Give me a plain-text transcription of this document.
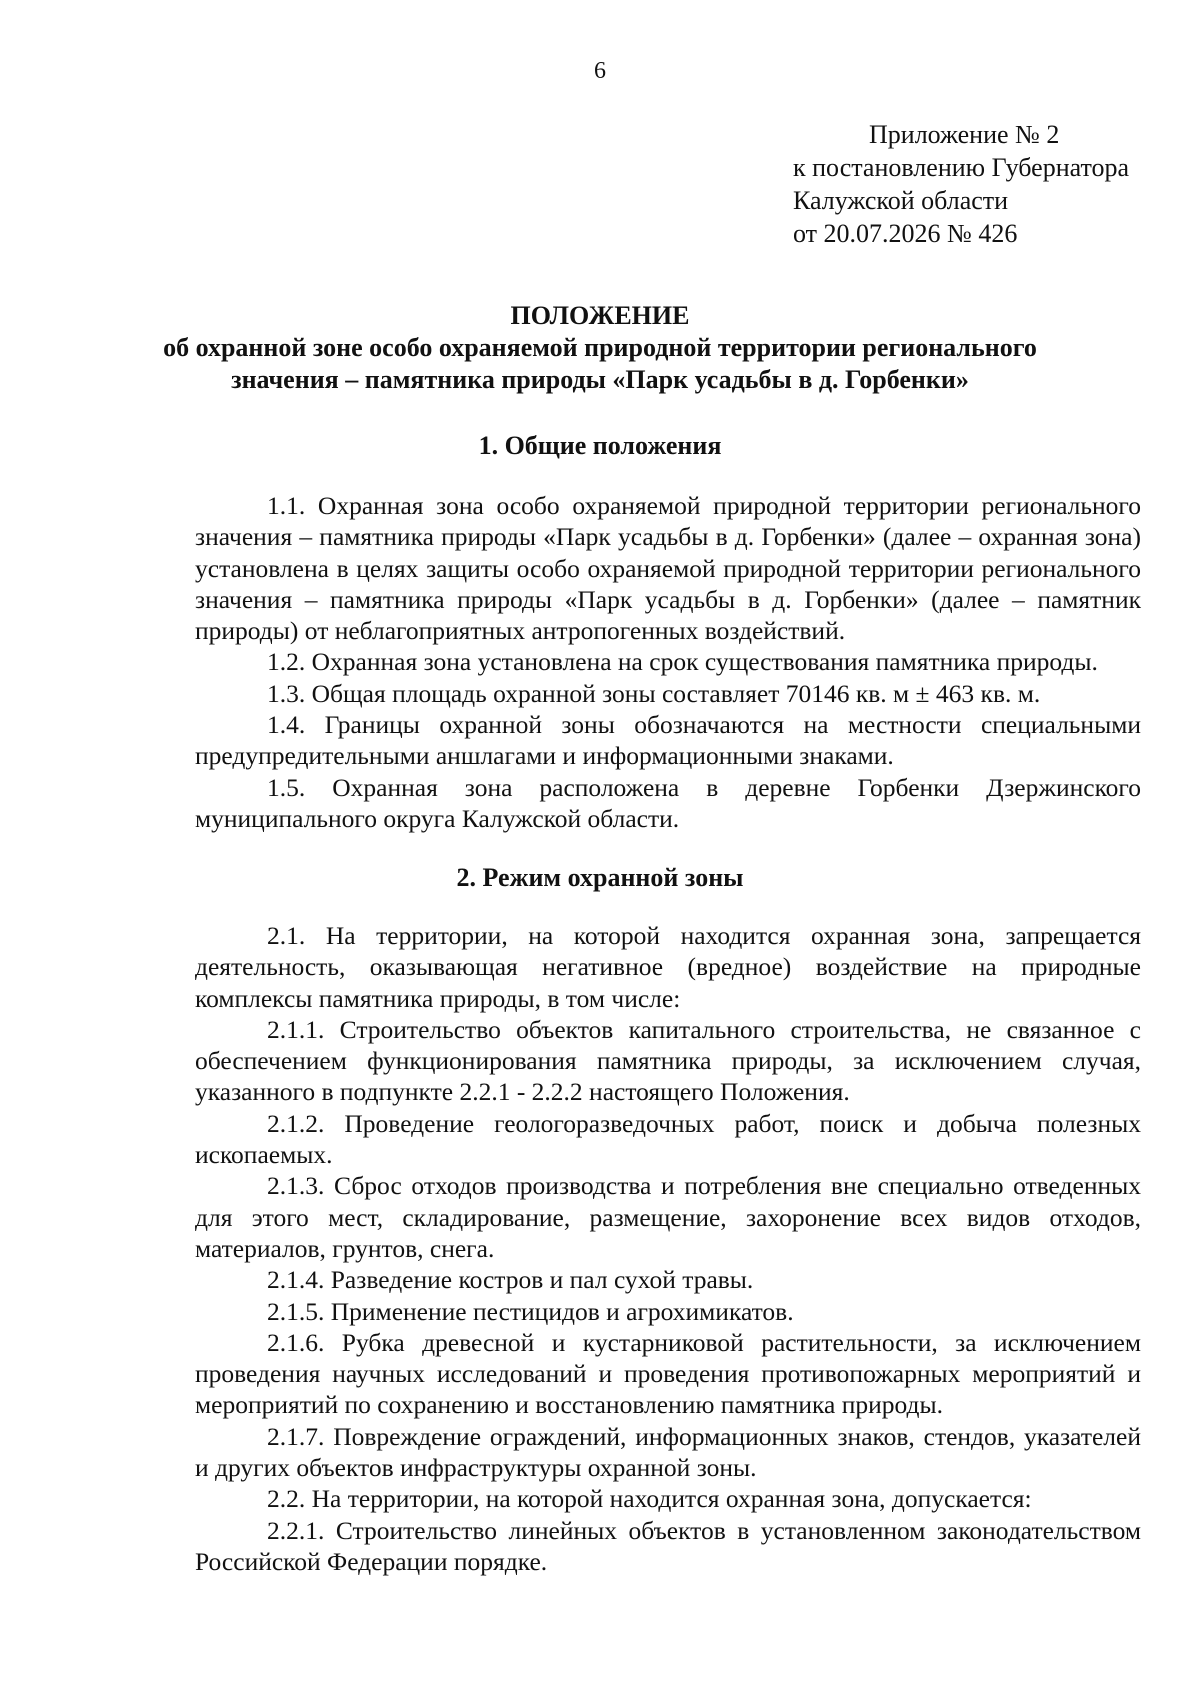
6
Приложение № 2
к постановлению Губернатора
Калужской области
от 20.07.2026 № 426
ПОЛОЖЕНИЕ
об охранной зоне особо охраняемой природной территории регионального
значения – памятника природы «Парк усадьбы в д. Горбенки»
1. Общие положения

1.1. Охранная зона особо охраняемой природной территории регионального значения – памятника природы «Парк усадьбы в д. Горбенки» (далее – охранная зона) установлена в целях защиты особо охраняемой природной территории регионального значения – памятника природы «Парк усадьбы в д. Горбенки» (далее – памятник природы) от неблагоприятных антропогенных воздействий.

1.2. Охранная зона установлена на срок существования памятника природы.

1.3. Общая площадь охранной зоны составляет 70146 кв. м ± 463 кв. м.

1.4. Границы охранной зоны обозначаются на местности специальными предупредительными аншлагами и информационными знаками.

1.5. Охранная зона расположена в деревне Горбенки Дзержинского муниципального округа Калужской области.

2. Режим охранной зоны

2.1. На территории, на которой находится охранная зона, запрещается деятельность, оказывающая негативное (вредное) воздействие на природные комплексы памятника природы, в том числе:

2.1.1. Строительство объектов капитального строительства, не связанное с обеспечением функционирования памятника природы, за исключением случая, указанного в подпункте 2.2.1 - 2.2.2 настоящего Положения.

2.1.2. Проведение геологоразведочных работ, поиск и добыча полезных ископаемых.

2.1.3. Сброс отходов производства и потребления вне специально отведенных для этого мест, складирование, размещение, захоронение всех видов отходов, материалов, грунтов, снега.

2.1.4. Разведение костров и пал сухой травы.

2.1.5. Применение пестицидов и агрохимикатов.

2.1.6. Рубка древесной и кустарниковой растительности, за исключением проведения научных исследований и проведения противопожарных мероприятий и мероприятий по сохранению и восстановлению памятника природы.

2.1.7. Повреждение ограждений, информационных знаков, стендов, указателей и других объектов инфраструктуры охранной зоны.

2.2. На территории, на которой находится охранная зона, допускается:

2.2.1. Строительство линейных объектов в установленном законодательством Российской Федерации порядке.
